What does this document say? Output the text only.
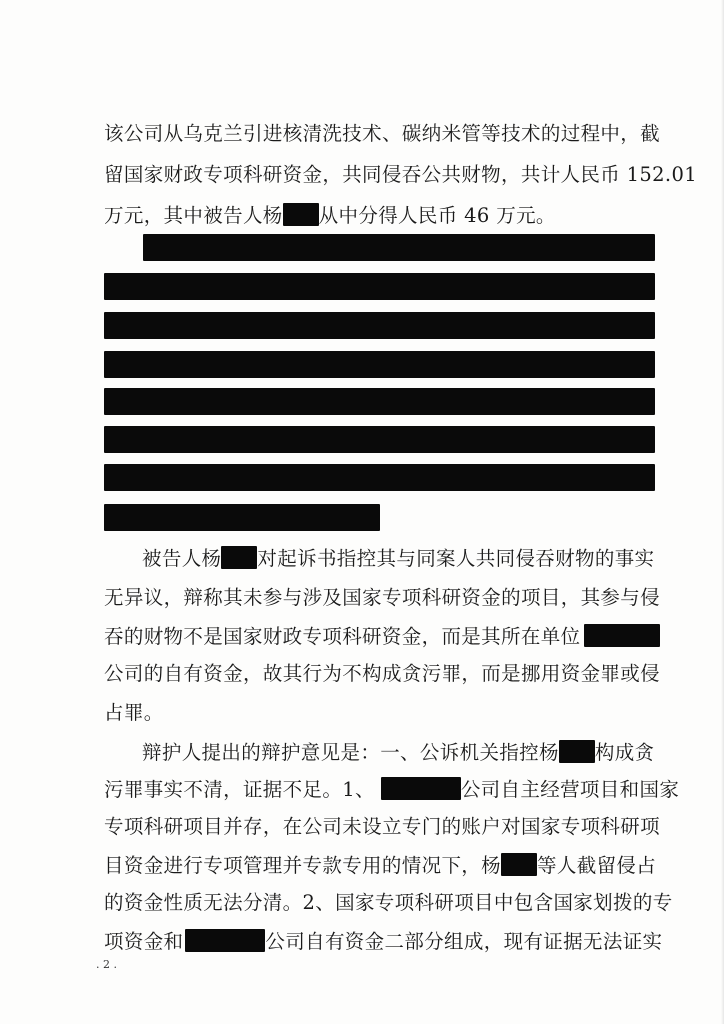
该公司从乌克兰引进核清洗技术、碳纳米管等技术的过程中，截
留国家财政专项科研资金，共同侵吞公共财物，共计人民币 152.01
万元，其中被告人杨 从中分得人民币 46 万元。
被告人杨 对起诉书指控其与同案人共同侵吞财物的事实
无异议，辩称其未参与涉及国家专项科研资金的项目，其参与侵
吞的财物不是国家财政专项科研资金，而是其所在单位
公司的自有资金，故其行为不构成贪污罪，而是挪用资金罪或侵
占罪。
辩护人提出的辩护意见是：一、公诉机关指控杨 构成贪
污罪事实不清，证据不足。1、	公司自主经营项目和国家
专项科研项目并存，在公司未设立专门的账户对国家专项科研项
目资金进行专项管理并专款专用的情况下，杨 等人截留侵占
的资金性质无法分清。2、国家专项科研项目中包含国家划拨的专
项资金和	公司自有资金二部分组成，现有证据无法证实
. 2 .
